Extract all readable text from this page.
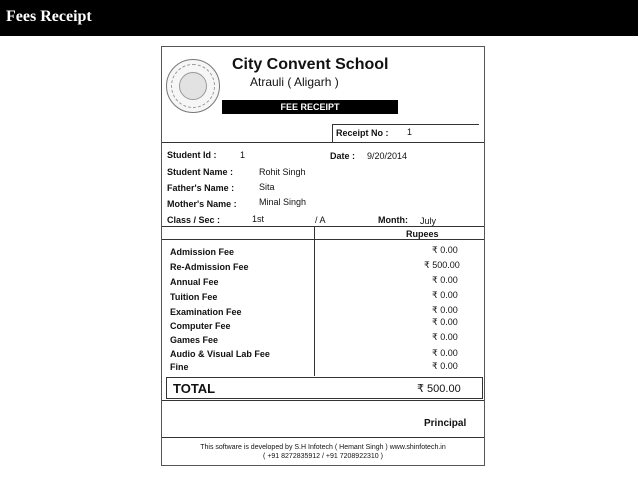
Fees Receipt
City Convent School
Atrauli ( Aligarh )
FEE RECEIPT
Receipt No : 1
Student Id :	1	Date : 9/20/2014
Student Name :	Rohit Singh
Father's Name :	Sita
Mother's Name : Minal Singh
Class / Sec :	1st	/ A	Month: July
Rupees
Admission Fee	₹ 0.00
Re-Admission Fee	₹ 500.00
Annual Fee	₹ 0.00
Tuition Fee	₹ 0.00
Examination Fee	₹ 0.00
Computer Fee	₹ 0.00
Games Fee	₹ 0.00
Audio & Visual Lab Fee	₹ 0.00
Fine	₹ 0.00
TOTAL	₹ 500.00
Principal
This software is developed by S.H Infotech ( Hemant Singh ) www.shinfotech.in
( +91 8272835912 / +91 7208922310 )
